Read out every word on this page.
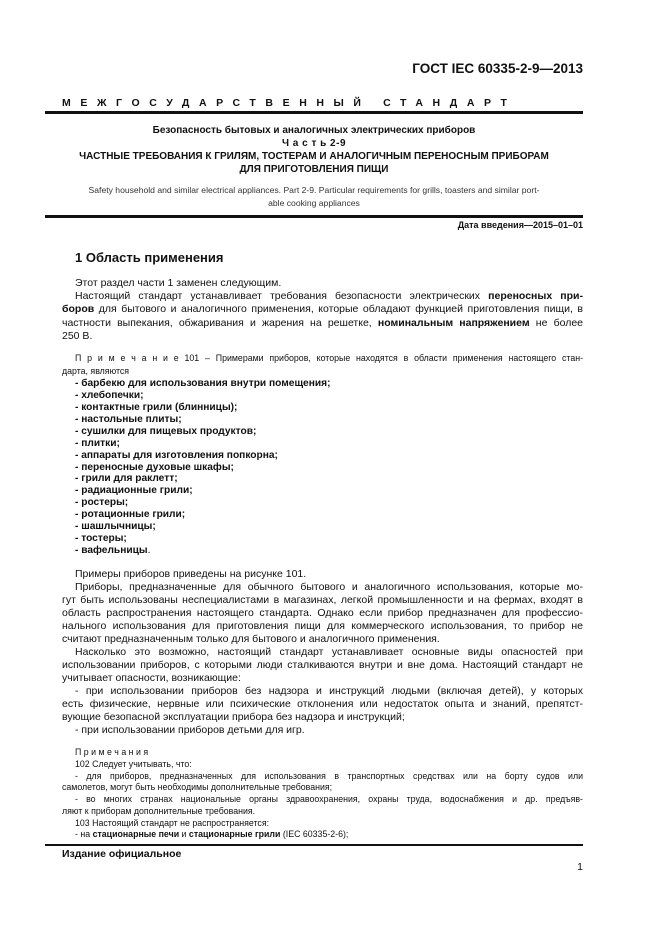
ГОСТ IEC 60335-2-9—2013
МЕЖГОСУДАРСТВЕННЫЙ СТАНДАРТ
Безопасность бытовых и аналогичных электрических приборов
Ч а с т ь 2-9
ЧАСТНЫЕ ТРЕБОВАНИЯ К ГРИЛЯМ, ТОСТЕРАМ И АНАЛОГИЧНЫМ ПЕРЕНОСНЫМ ПРИБОРАМ
ДЛЯ ПРИГОТОВЛЕНИЯ ПИЩИ
Safety household and similar electrical appliances. Part 2-9. Particular requirements for grills, toasters and similar port-
able cooking appliances
Дата введения—2015–01–01
1 Область применения
Этот раздел части 1 заменен следующим.
Настоящий стандарт устанавливает требования безопасности электрических переносных при-
боров для бытового и аналогичного применения, которые обладают функцией приготовления пищи, в
частности выпекания, обжаривания и жарения на решетке, номинальным напряжением не более
250 В.
П р и м е ч а н и е 101 – Примерами приборов, которые находятся в области применения настоящего стан-
дарта, являются
- барбекю для использования внутри помещения;
- хлебопечки;
- контактные грили (блинницы);
- настольные плиты;
- сушилки для пищевых продуктов;
- плитки;
- аппараты для изготовления попкорна;
- переносные духовые шкафы;
- грили для раклетт;
- радиационные грили;
- ростеры;
- ротационные грили;
- шашлычницы;
- тостеры;
- вафельницы.
Примеры приборов приведены на рисунке 101.
Приборы, предназначенные для обычного бытового и аналогичного использования, которые мо-
гут быть использованы неспециалистами в магазинах, легкой промышленности и на фермах, входят в
область распространения настоящего стандарта. Однако если прибор предназначен для профессио-
нального использования для приготовления пищи для коммерческого использования, то прибор не
считают предназначенным только для бытового и аналогичного применения.
Насколько это возможно, настоящий стандарт устанавливает основные виды опасностей при
использовании приборов, с которыми люди сталкиваются внутри и вне дома. Настоящий стандарт не
учитывает опасности, возникающие:
- при использовании приборов без надзора и инструкций людьми (включая детей), у которых
есть физические, нервные или психические отклонения или недостаток опыта и знаний, препятст-
вующие безопасной эксплуатации прибора без надзора и инструкций;
- при использовании приборов детьми для игр.
П р и м е ч а н и я
102 Следует учитывать, что:
- для приборов, предназначенных для использования в транспортных средствах или на борту судов или
самолетов, могут быть необходимы дополнительные требования;
- во многих странах национальные органы здравоохранения, охраны труда, водоснабжения и др. предъяв-
ляют к приборам дополнительные требования.
103 Настоящий стандарт не распространяется:
- на стационарные печи и стационарные грили (IEC 60335-2-6);
Издание официальное
1
